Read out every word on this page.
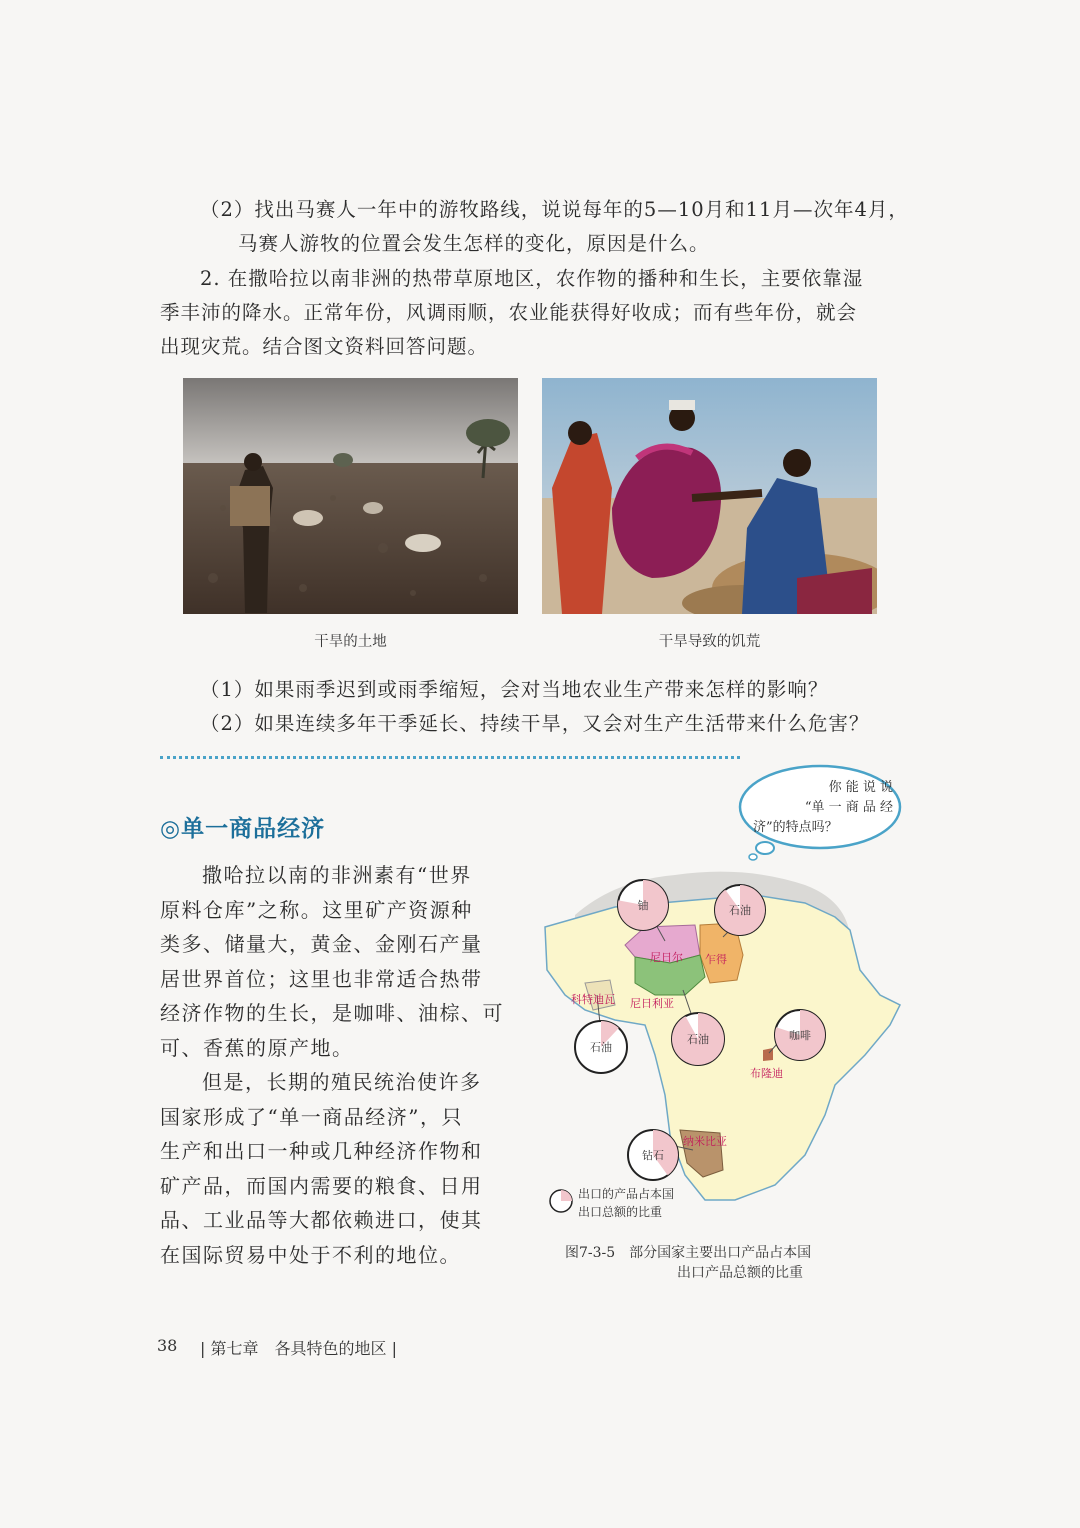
（2）找出马赛人一年中的游牧路线，说说每年的5—10月和11月—次年4月，

马赛人游牧的位置会发生怎样的变化，原因是什么。

2. 在撒哈拉以南非洲的热带草原地区，农作物的播种和生长，主要依靠湿

季丰沛的降水。正常年份，风调雨顺，农业能获得好收成；而有些年份，就会

出现灾荒。结合图文资料回答问题。

干旱的土地	干旱导致的饥荒

（1）如果雨季迟到或雨季缩短，会对当地农业生产带来怎样的影响？

（2）如果连续多年干季延长、持续干旱，又会对生产生活带来什么危害？

◎单一商品经济

撒哈拉以南的非洲素有“世界

原料仓库”之称。这里矿产资源种

类多、储量大，黄金、金刚石产量

居世界首位；这里也非常适合热带

经济作物的生长，是咖啡、油棕、可

可、香蕉的原产地。

但是，长期的殖民统治使许多

国家形成了“单一商品经济”，只

生产和出口一种或几种经济作物和

矿产品，而国内需要的粮食、日用

品、工业品等大都依赖进口，使其

在国际贸易中处于不利的地位。

你 能 说 说
“单 一 商 品 经
济”的特点吗？
铀	石油
石油
石油	咖啡
钻石
尼日尔 乍得
尼日利亚
科特迪瓦
布隆迪
纳米比亚
出口的产品占本国
出口总额的比重
图7-3-5　部分国家主要出口产品占本国
出口产品总额的比重
38 | 第七章　各具特色的地区 |
